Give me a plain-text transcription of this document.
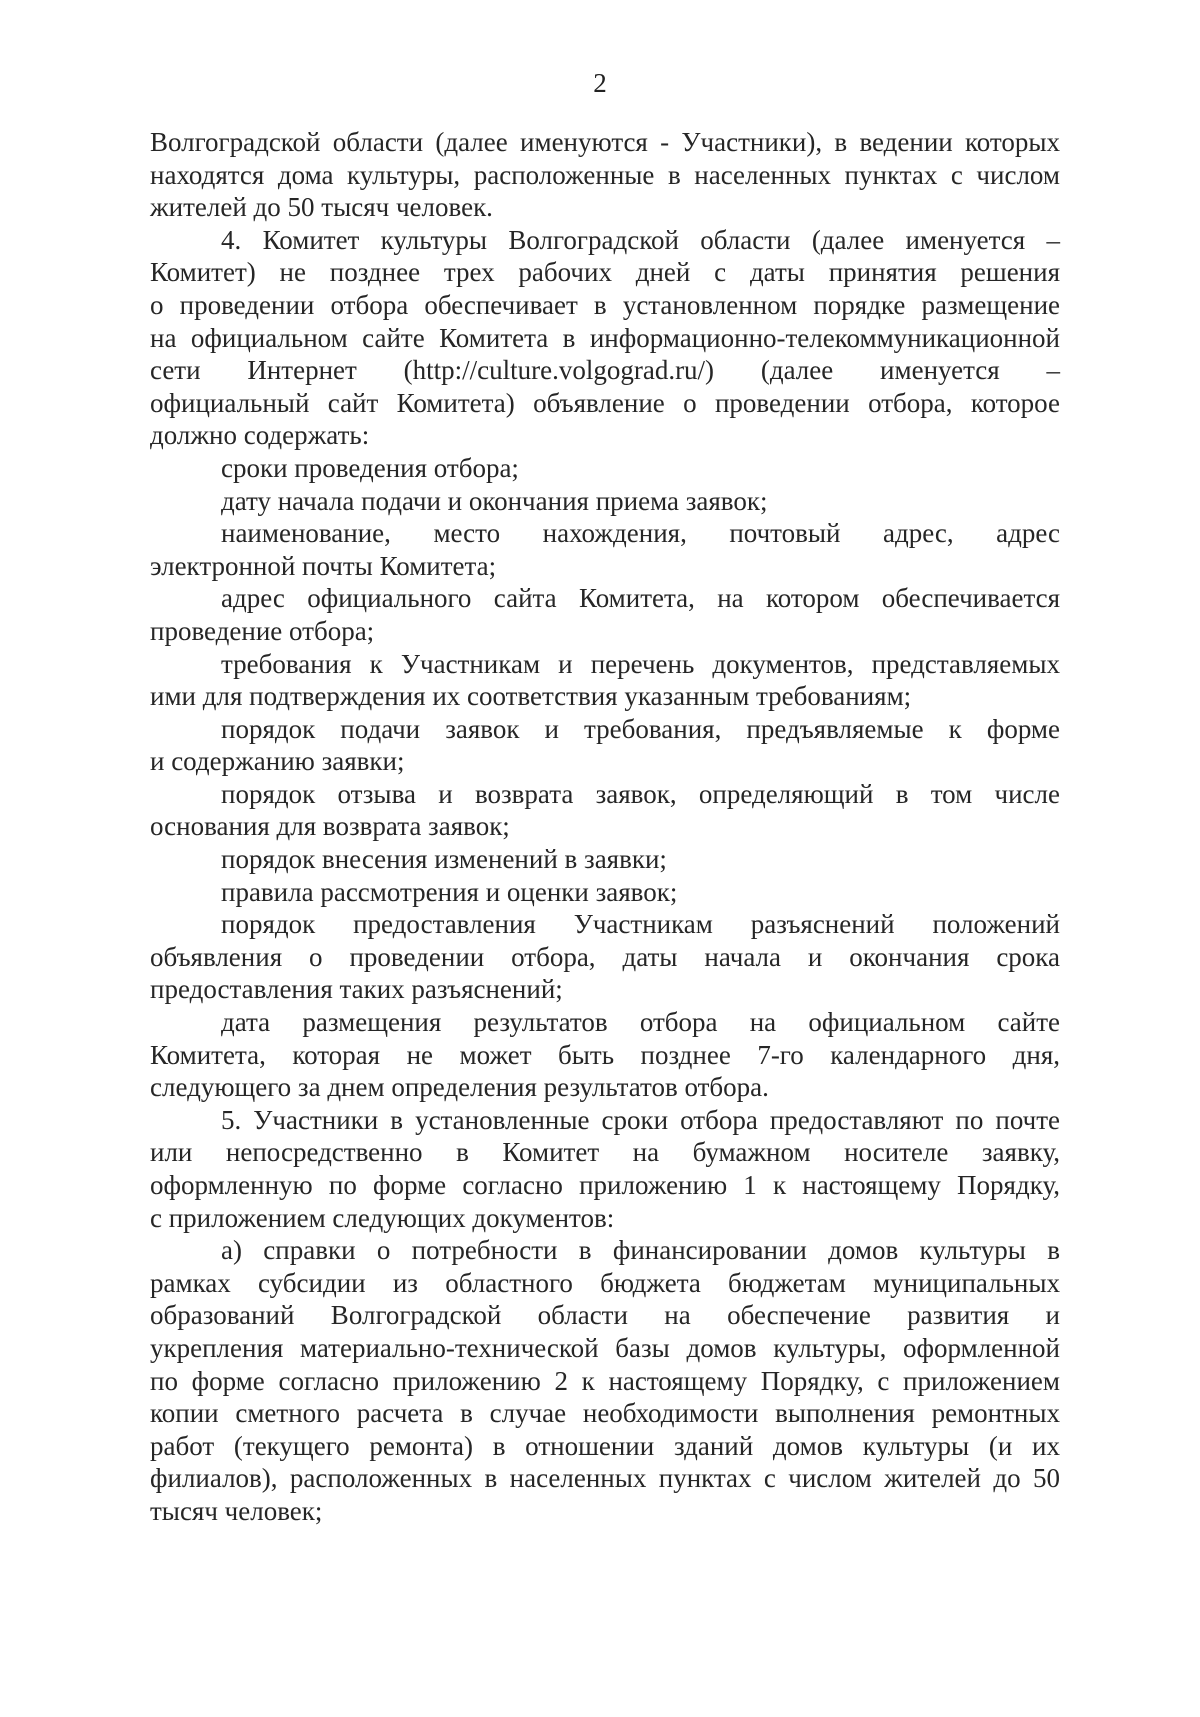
2
Волгоградской области (далее именуются - Участники), в ведении которых
находятся дома культуры, расположенные в населенных пунктах с числом
жителей до 50 тысяч человек.
4. Комитет культуры Волгоградской области (далее именуется –
Комитет) не позднее трех рабочих дней с даты принятия решения
о проведении отбора обеспечивает в установленном порядке размещение
на официальном сайте Комитета в информационно-телекоммуникационной
сети Интернет (http://culture.volgograd.ru/) (далее именуется –
официальный сайт Комитета) объявление о проведении отбора, которое
должно содержать:
сроки проведения отбора;
дату начала подачи и окончания приема заявок;
наименование, место нахождения, почтовый адрес, адрес
электронной почты Комитета;
адрес официального сайта Комитета, на котором обеспечивается
проведение отбора;
требования к Участникам и перечень документов, представляемых
ими для подтверждения их соответствия указанным требованиям;
порядок подачи заявок и требования, предъявляемые к форме
и содержанию заявки;
порядок отзыва и возврата заявок, определяющий в том числе
основания для возврата заявок;
порядок внесения изменений в заявки;
правила рассмотрения и оценки заявок;
порядок предоставления Участникам разъяснений положений
объявления о проведении отбора, даты начала и окончания срока
предоставления таких разъяснений;
дата размещения результатов отбора на официальном сайте
Комитета, которая не может быть позднее 7-го календарного дня,
следующего за днем определения результатов отбора.
5. Участники в установленные сроки отбора предоставляют по почте
или непосредственно в Комитет на бумажном носителе заявку,
оформленную по форме согласно приложению 1 к настоящему Порядку,
с приложением следующих документов:
а) справки о потребности в финансировании домов культуры в
рамках субсидии из областного бюджета бюджетам муниципальных
образований Волгоградской области на обеспечение развития и
укрепления материально-технической базы домов культуры, оформленной
по форме согласно приложению 2 к настоящему Порядку, с приложением
копии сметного расчета в случае необходимости выполнения ремонтных
работ (текущего ремонта) в отношении зданий домов культуры (и их
филиалов), расположенных в населенных пунктах с числом жителей до 50
тысяч человек;
